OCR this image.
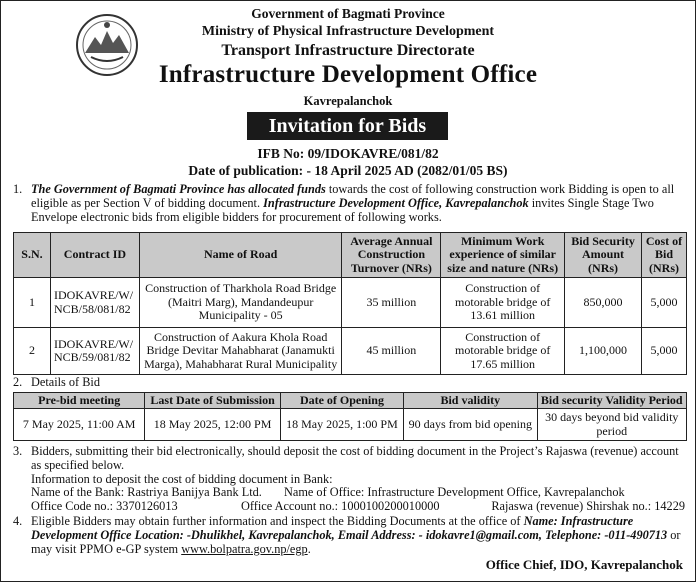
Government of Bagmati Province
Ministry of Physical Infrastructure Development
Transport Infrastructure Directorate
Infrastructure Development Office
Kavrepalanchok
Invitation for Bids
IFB No: 09/IDOKAVRE/081/82
Date of publication: - 18 April 2025 AD (2082/01/05 BS)
1. The Government of Bagmati Province has allocated funds towards the cost of following construction work Bidding is open to all eligible as per Section V of bidding document. Infrastructure Development Office, Kavrepalanchok invites Single Stage Two Envelope electronic bids from eligible bidders for procurement of following works.
S.N.	Contract ID	Name of Road	Average Annual Construction Turnover (NRs)	Minimum Work experience of similar size and nature (NRs)	Bid Security Amount (NRs)	Cost of Bid (NRs)
1	IDOKAVRE/W/ NCB/58/081/82	Construction of Tharkhola Road Bridge (Maitri Marg), Mandandeupur Municipality - 05	35 million	Construction of motorable bridge of 13.61 million	850,000	5,000
2	IDOKAVRE/W/ NCB/59/081/82	Construction of Aakura Khola Road Bridge Devitar Mahabharat (Janamukti Marga), Mahabharat Rural Municipality	45 million	Construction of motorable bridge of 17.65 million	1,100,000	5,000
2. Details of Bid
Pre-bid meeting	Last Date of Submission	Date of Opening	Bid validity	Bid security Validity Period
7 May 2025, 11:00 AM	18 May 2025, 12:00 PM	18 May 2025, 1:00 PM	90 days from bid opening	30 days beyond bid validity period
3. Bidders, submitting their bid electronically, should deposit the cost of bidding document in the Project’s Rajaswa (revenue) account as specified below.
Information to deposit the cost of bidding document in Bank:
Name of the Bank: Rastriya Banijya Bank Ltd. Name of Office: Infrastructure Development Office, Kavrepalanchok
Office Code no.: 3370126013	Office Account no.: 1000100200010000	Rajaswa (revenue) Shirshak no.: 14229
4. Eligible Bidders may obtain further information and inspect the Bidding Documents at the office of Name: Infrastructure Development Office Location: -Dhulikhel, Kavrepalanchok, Email Address: - idokavre1@gmail.com, Telephone: -011-490713 or may visit PPMO e-GP system www.bolpatra.gov.np/egp.
Office Chief, IDO, Kavrepalanchok
